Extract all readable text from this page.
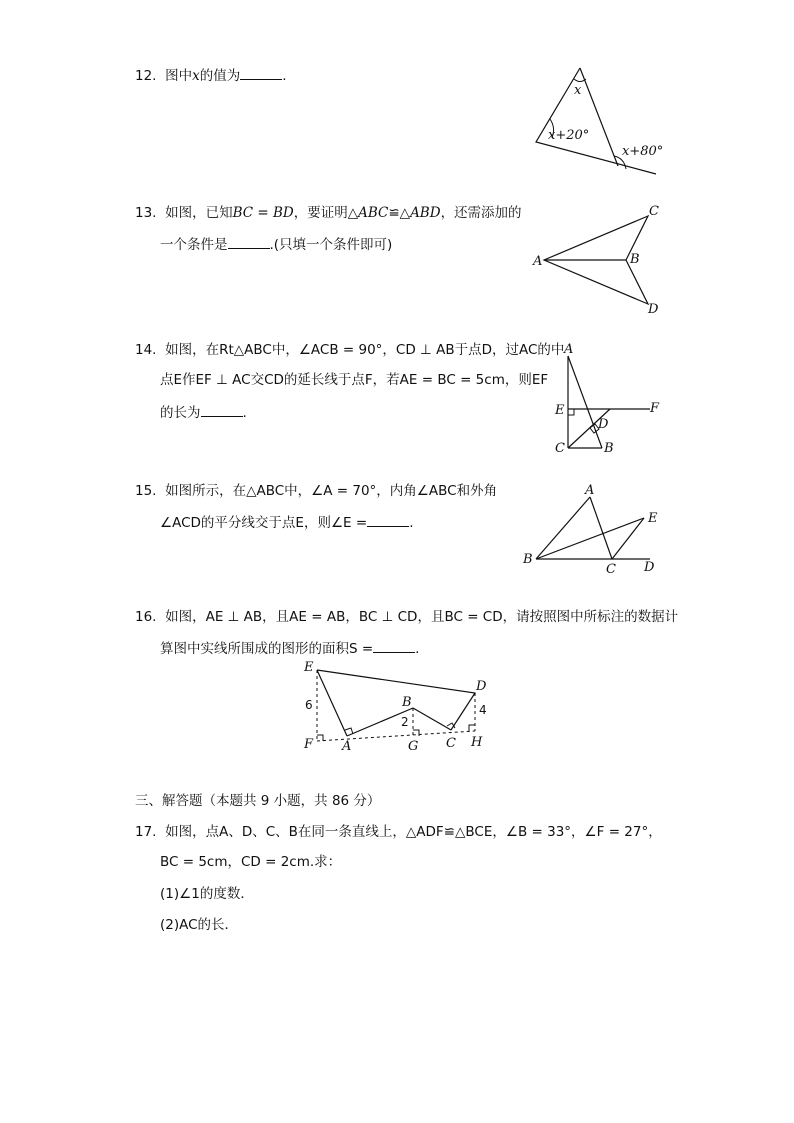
12. 图中x的值为	.
x
x+20°
x+80°
13. 如图，已知BC = BD，要证明△ABC≌△ABD，还需添加的
一个条件是	.(只填一个条件即可)
A
C
B
D
14. 如图，在Rt△ABC中，∠ACB = 90°，CD ⊥ AB于点D，过AC的中
点E作EF ⊥ AC交CD的延长线于点F，若AE = BC = 5cm，则EF
的长为	.
A
E	F
D
C	B
15. 如图所示，在△ABC中，∠A = 70°，内角∠ABC和外角
∠ACD的平分线交于点E，则∠E =	.
A
B
C D
E
16. 如图，AE ⊥ AB，且AE = AB，BC ⊥ CD，且BC = CD，请按照图中所标注的数据计
算图中实线所围成的图形的面积S =	.
E
D
B
F A	G C H
6
2
4
三、解答题（本题共 9 小题，共 86 分）
17. 如图，点A、D、C、B在同一条直线上，△ADF≌△BCE，∠B = 33°，∠F = 27°，
BC = 5cm，CD = 2cm.求：
(1)∠1的度数．
(2)AC的长．
